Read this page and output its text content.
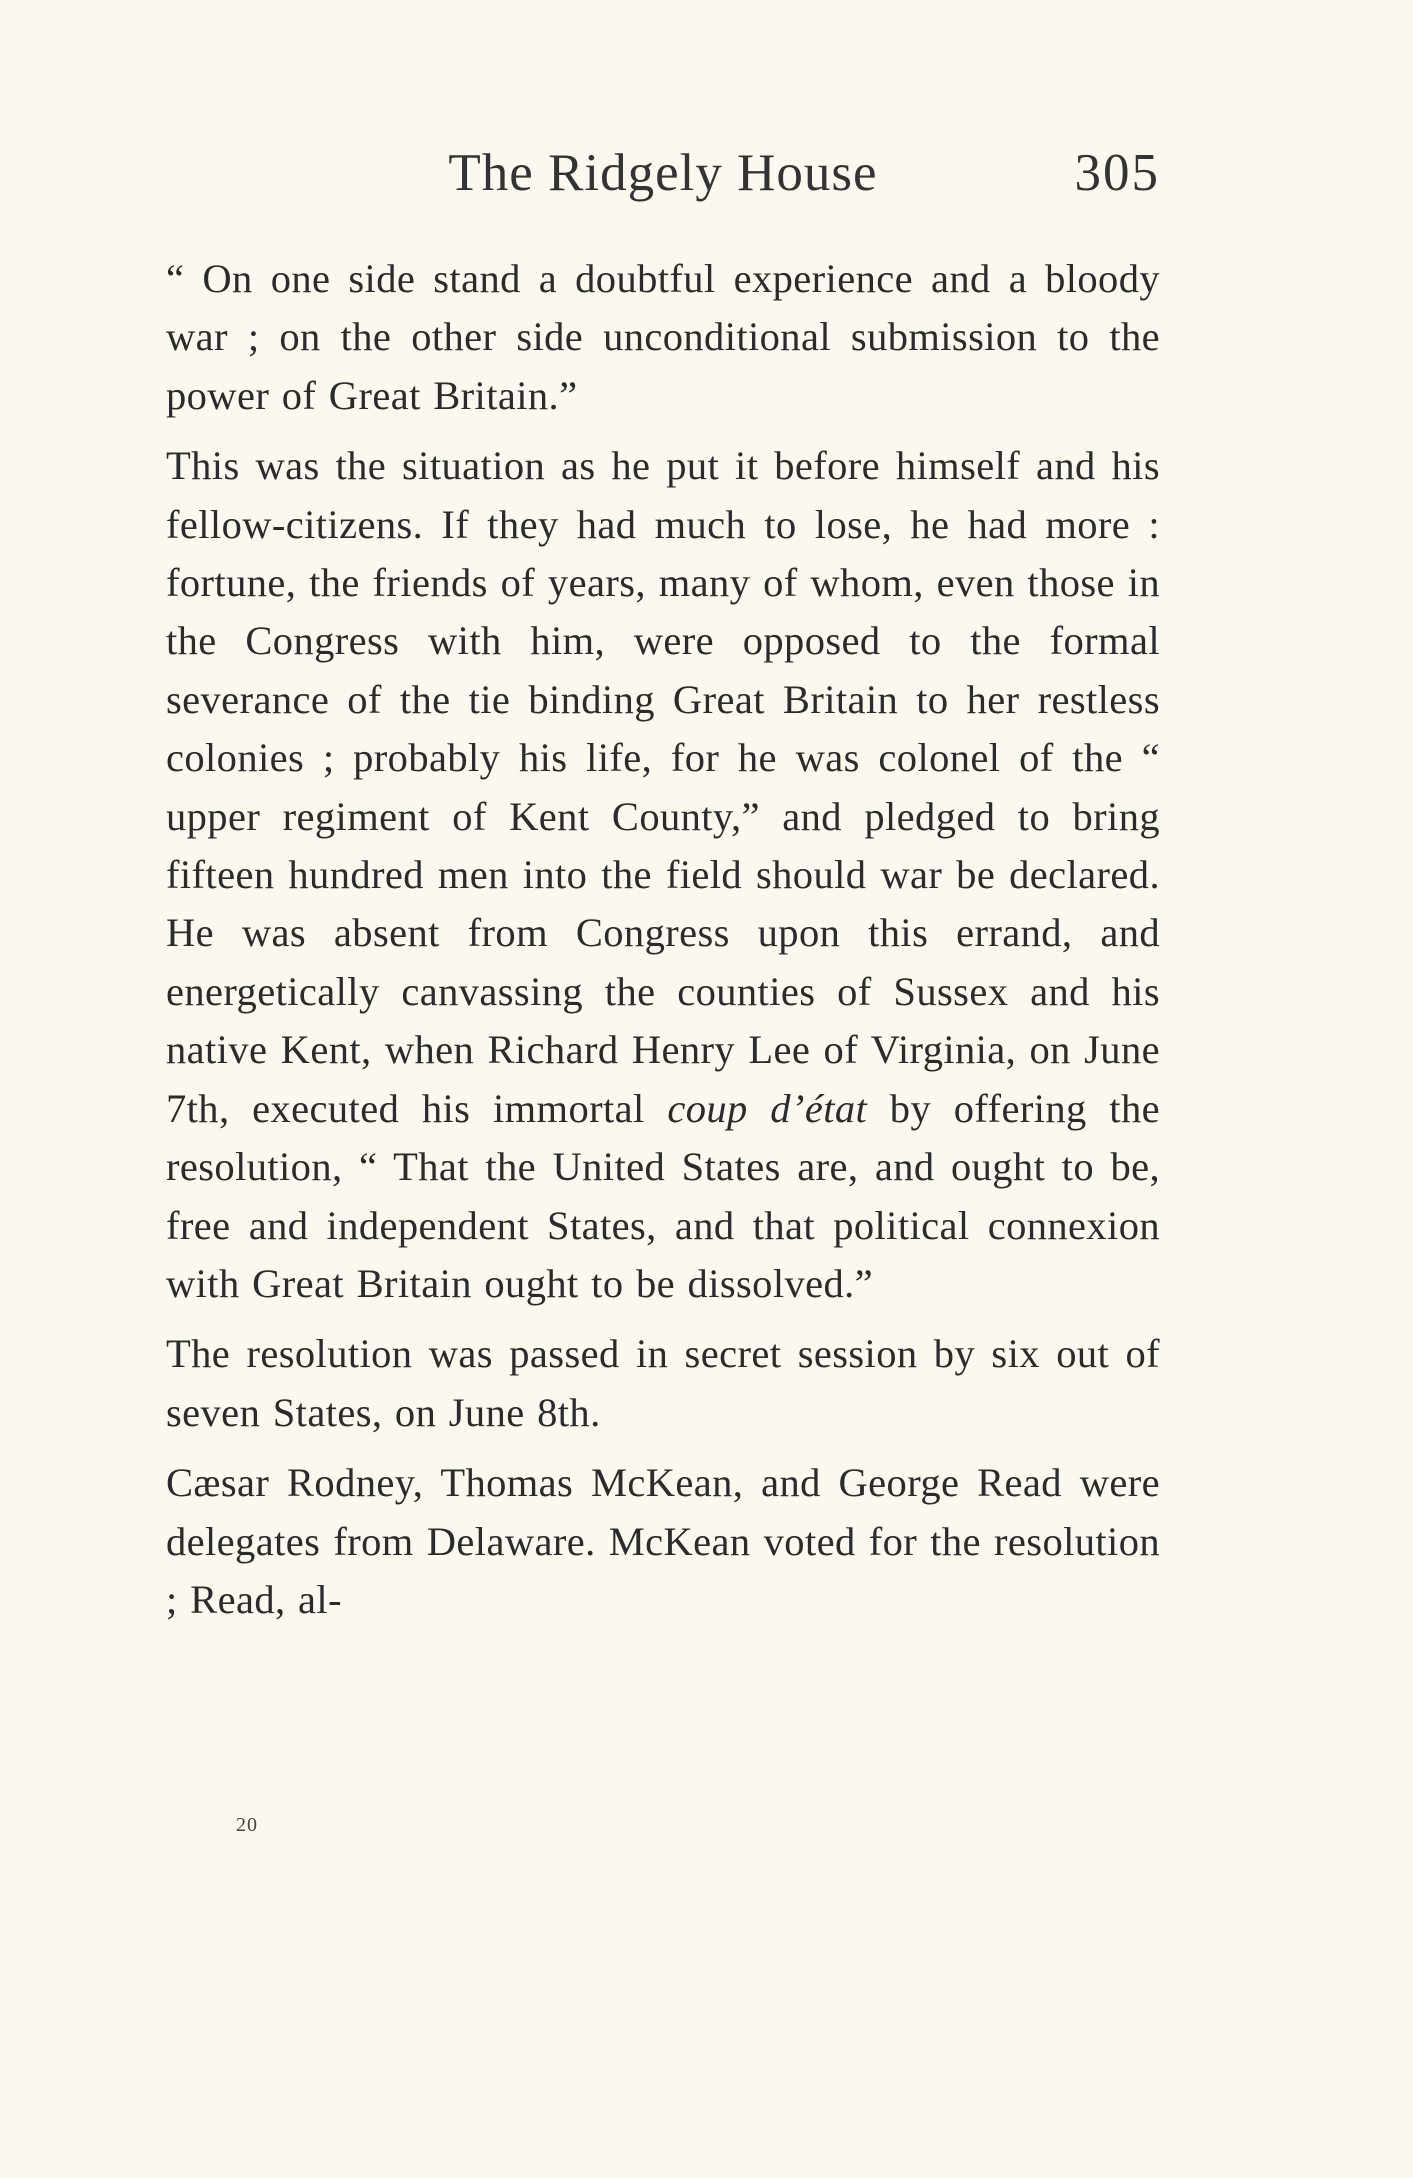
The Ridgely House	305

“ On one side stand a doubtful experience and a bloody war ; on the other side unconditional submission to the power of Great Britain.”

This was the situation as he put it before himself and his fellow-citizens. If they had much to lose, he had more : fortune, the friends of years, many of whom, even those in the Congress with him, were opposed to the formal severance of the tie binding Great Britain to her restless colonies ; probably his life, for he was colonel of the “ upper regiment of Kent County,” and pledged to bring fifteen hundred men into the field should war be declared. He was absent from Congress upon this errand, and energetically canvassing the counties of Sussex and his native Kent, when Richard Henry Lee of Virginia, on June 7th, executed his immortal coup d’état by offering the resolution, “ That the United States are, and ought to be, free and independent States, and that political connexion with Great Britain ought to be dissolved.”

The resolution was passed in secret session by six out of seven States, on June 8th.

Cæsar Rodney, Thomas McKean, and George Read were delegates from Delaware. McKean voted for the resolution ; Read, al-

20
